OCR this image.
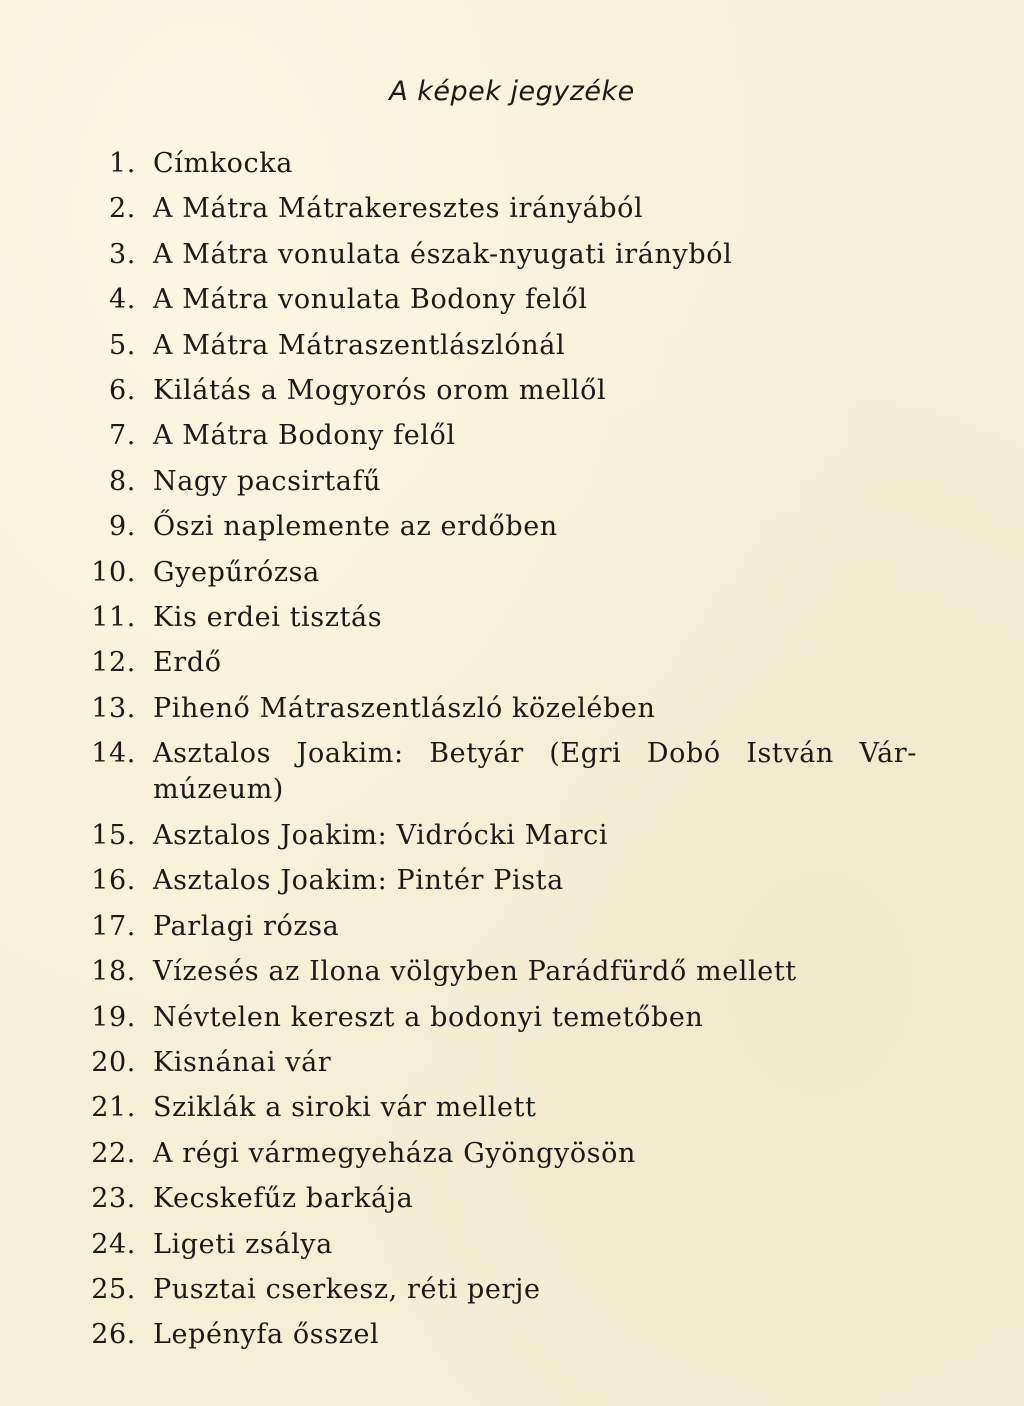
A képek jegyzéke
1. Címkocka
2. A Mátra Mátrakeresztes irányából
3. A Mátra vonulata észak-nyugati irányból
4. A Mátra vonulata Bodony felől
5. A Mátra Mátraszentlászlónál
6. Kilátás a Mogyorós orom mellől
7. A Mátra Bodony felől
8. Nagy pacsirtafű
9. Őszi naplemente az erdőben
10. Gyepűrózsa
11. Kis erdei tisztás
12. Erdő
13. Pihenő Mátraszentlászló közelében
14. Asztalos Joakim: Betyár (Egri Dobó István Vár-
múzeum)
15. Asztalos Joakim: Vidrócki Marci
16. Asztalos Joakim: Pintér Pista
17. Parlagi rózsa
18. Vízesés az Ilona völgyben Parádfürdő mellett
19. Névtelen kereszt a bodonyi temetőben
20. Kisnánai vár
21. Sziklák a siroki vár mellett
22. A régi vármegyeháza Gyöngyösön
23. Kecskefűz barkája
24. Ligeti zsálya
25. Pusztai cserkesz, réti perje
26. Lepényfa ősszel
